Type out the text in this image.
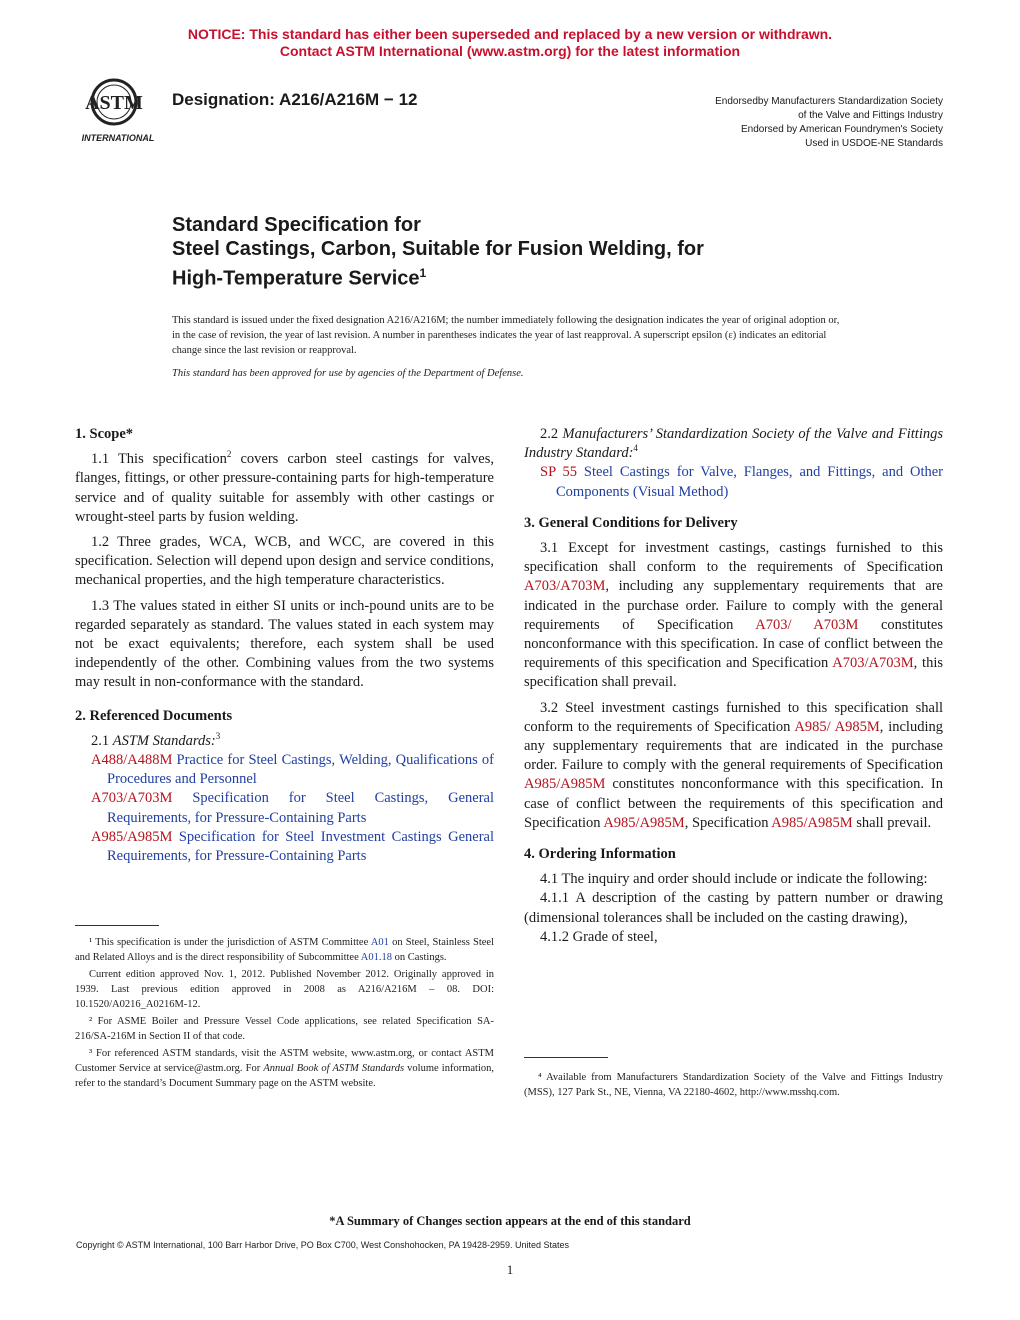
NOTICE: This standard has either been superseded and replaced by a new version or withdrawn.
Contact ASTM International (www.astm.org) for the latest information
ASTM
INTERNATIONAL
Designation: A216/A216M − 12	Endorsedby Manufacturers Standardization Society
of the Valve and Fittings Industry
Endorsed by American Foundrymen's Society
Used in USDOE-NE Standards
Standard Specification for
Steel Castings, Carbon, Suitable for Fusion Welding, for
High-Temperature Service$^1$
This standard is issued under the fixed designation A216/A216M; the number immediately following the designation indicates the year of original adoption or, in the case of revision, the year of last revision. A number in parentheses indicates the year of last reapproval. A superscript epsilon (ε) indicates an editorial change since the last revision or reapproval.
This standard has been approved for use by agencies of the Department of Defense.

1. Scope*

1.1 This specification$^2$ covers carbon steel castings for valves, flanges, fittings, or other pressure-containing parts for high-temperature service and of quality suitable for assembly with other castings or wrought-steel parts by fusion welding.

1.2 Three grades, WCA, WCB, and WCC, are covered in this specification. Selection will depend upon design and service conditions, mechanical properties, and the high temperature characteristics.

1.3 The values stated in either SI units or inch-pound units are to be regarded separately as standard. The values stated in each system may not be exact equivalents; therefore, each system shall be used independently of the other. Combining values from the two systems may result in non-conformance with the standard.

2. Referenced Documents

2.1 ASTM Standards:$^3$

A488/A488M Practice for Steel Castings, Welding, Qualifications of Procedures and Personnel

A703/A703M Specification for Steel Castings, General Requirements, for Pressure-Containing Parts

A985/A985M Specification for Steel Investment Castings General Requirements, for Pressure-Containing Parts

¹ This specification is under the jurisdiction of ASTM Committee A01 on Steel, Stainless Steel and Related Alloys and is the direct responsibility of Subcommittee A01.18 on Castings.

Current edition approved Nov. 1, 2012. Published November 2012. Originally approved in 1939. Last previous edition approved in 2008 as A216/A216M – 08. DOI: 10.1520/A0216_A0216M-12.

² For ASME Boiler and Pressure Vessel Code applications, see related Specification SA-216/SA-216M in Section II of that code.

³ For referenced ASTM standards, visit the ASTM website, www.astm.org, or contact ASTM Customer Service at service@astm.org. For Annual Book of ASTM Standards volume information, refer to the standard’s Document Summary page on the ASTM website.

2.2 Manufacturers’ Standardization Society of the Valve and Fittings Industry Standard:$^4$

SP 55 Steel Castings for Valve, Flanges, and Fittings, and Other Components (Visual Method)

3. General Conditions for Delivery

3.1 Except for investment castings, castings furnished to this specification shall conform to the requirements of Specification A703/A703M, including any supplementary requirements that are indicated in the purchase order. Failure to comply with the general requirements of Specification A703/ A703M constitutes nonconformance with this specification. In case of conflict between the requirements of this specification and Specification A703/A703M, this specification shall prevail.

3.2 Steel investment castings furnished to this specification shall conform to the requirements of Specification A985/ A985M, including any supplementary requirements that are indicated in the purchase order. Failure to comply with the general requirements of Specification A985/A985M constitutes nonconformance with this specification. In case of conflict between the requirements of this specification and Specification A985/A985M, Specification A985/A985M shall prevail.

4. Ordering Information

4.1 The inquiry and order should include or indicate the following:

4.1.1 A description of the casting by pattern number or drawing (dimensional tolerances shall be included on the casting drawing),

4.1.2 Grade of steel,

⁴ Available from Manufacturers Standardization Society of the Valve and Fittings Industry (MSS), 127 Park St., NE, Vienna, VA 22180-4602, http://www.msshq.com.

*A Summary of Changes section appears at the end of this standard
Copyright © ASTM International, 100 Barr Harbor Drive, PO Box C700, West Conshohocken, PA 19428-2959. United States
1
